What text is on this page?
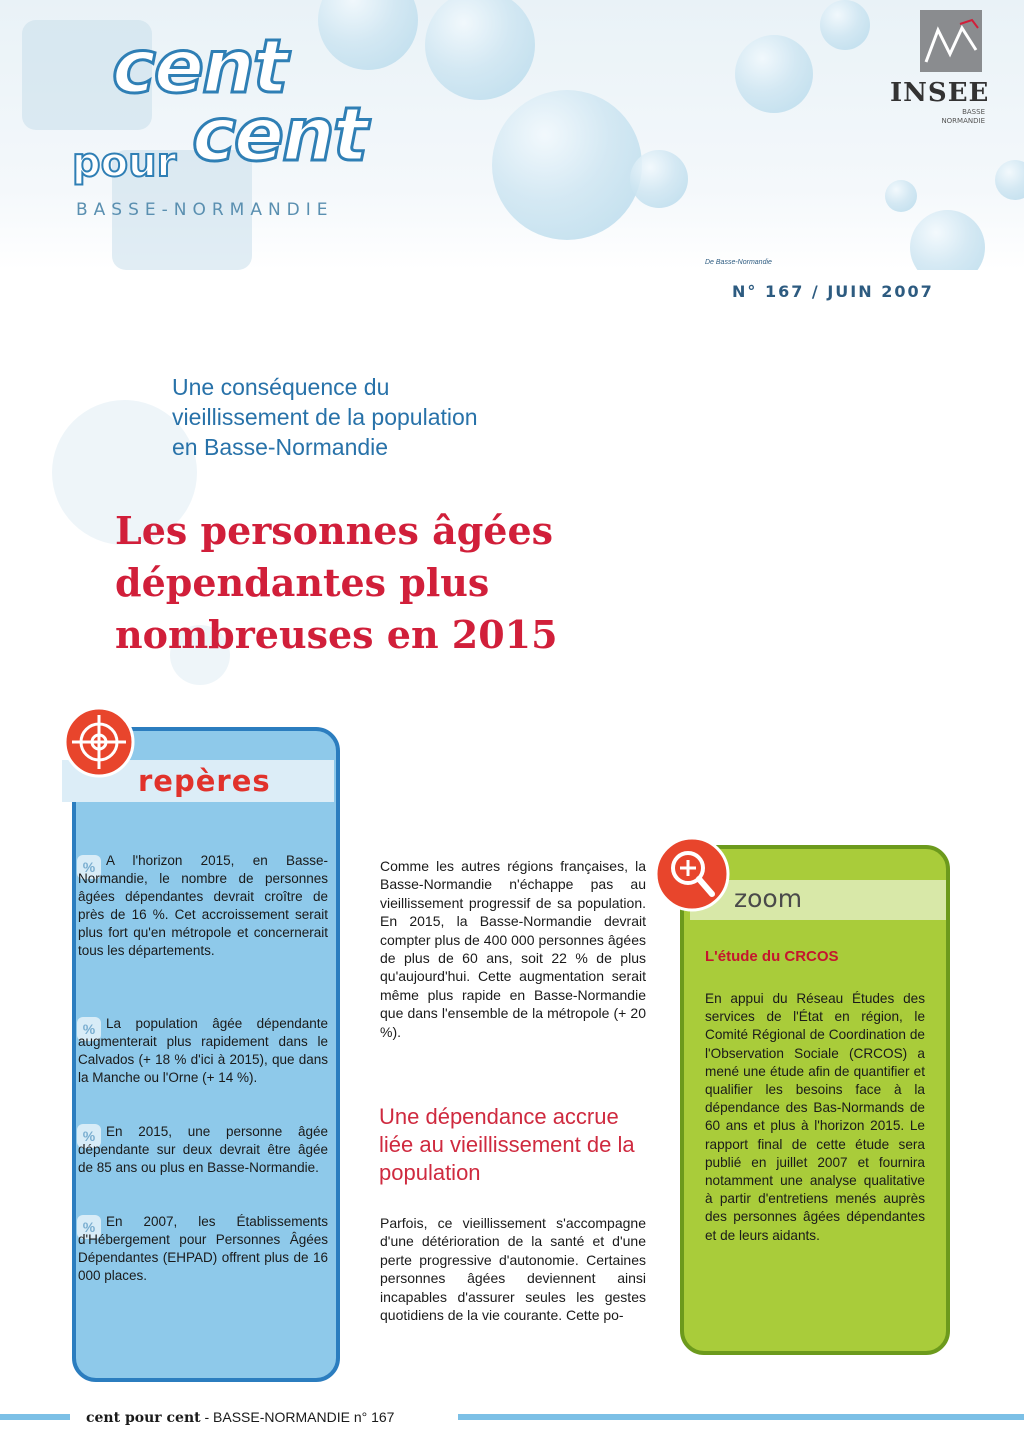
cent
pour cent
BASSE-NORMANDIE
INSEE
BASSE NORMANDIE
De Basse-Normandie
N° 167 / JUIN 2007
Une conséquence du
vieillissement de la population
en Basse-Normandie
Les personnes âgées
dépendantes plus
nombreuses en 2015
repères
% A l'horizon 2015, en Basse-Normandie, le nombre de personnes âgées dépendantes devrait croître de près de 16 %. Cet accroissement serait plus fort qu'en métropole et concernerait tous les départements.
% La population âgée dépendante augmenterait plus rapidement dans le Calvados (+ 18 % d'ici à 2015), que dans la Manche ou l'Orne (+ 14 %).
% En 2015, une personne âgée dépendante sur deux devrait être âgée de 85 ans ou plus en Basse-Normandie.
% En 2007, les Établissements d'Hébergement pour Personnes Âgées Dépendantes (EHPAD) offrent plus de 16 000 places.
Comme les autres régions françaises, la Basse-Normandie n'échappe pas au vieillissement progressif de sa population. En 2015, la Basse-Normandie devrait compter plus de 400 000 personnes âgées de plus de 60 ans, soit 22 % de plus qu'aujourd'hui. Cette augmentation serait même plus rapide en Basse-Normandie que dans l'ensemble de la métropole (+ 20 %).
Une dépendance accrue liée au vieillissement de la population
Parfois, ce vieillissement s'accompagne d'une détérioration de la santé et d'une perte progressive d'autonomie. Certaines personnes âgées deviennent ainsi incapables d'assurer seules les gestes quotidiens de la vie courante. Cette po-
zoom
L'étude du CRCOS
En appui du Réseau Études des services de l'État en région, le Comité Régional de Coordination de l'Observation Sociale (CRCOS) a mené une étude afin de quantifier et qualifier les besoins face à la dépendance des Bas-Normands de 60 ans et plus à l'horizon 2015. Le rapport final de cette étude sera publié en juillet 2007 et fournira notamment une analyse qualitative à partir d'entretiens menés auprès des personnes âgées dépendantes et de leurs aidants.
cent pour cent - BASSE-NORMANDIE n° 167
